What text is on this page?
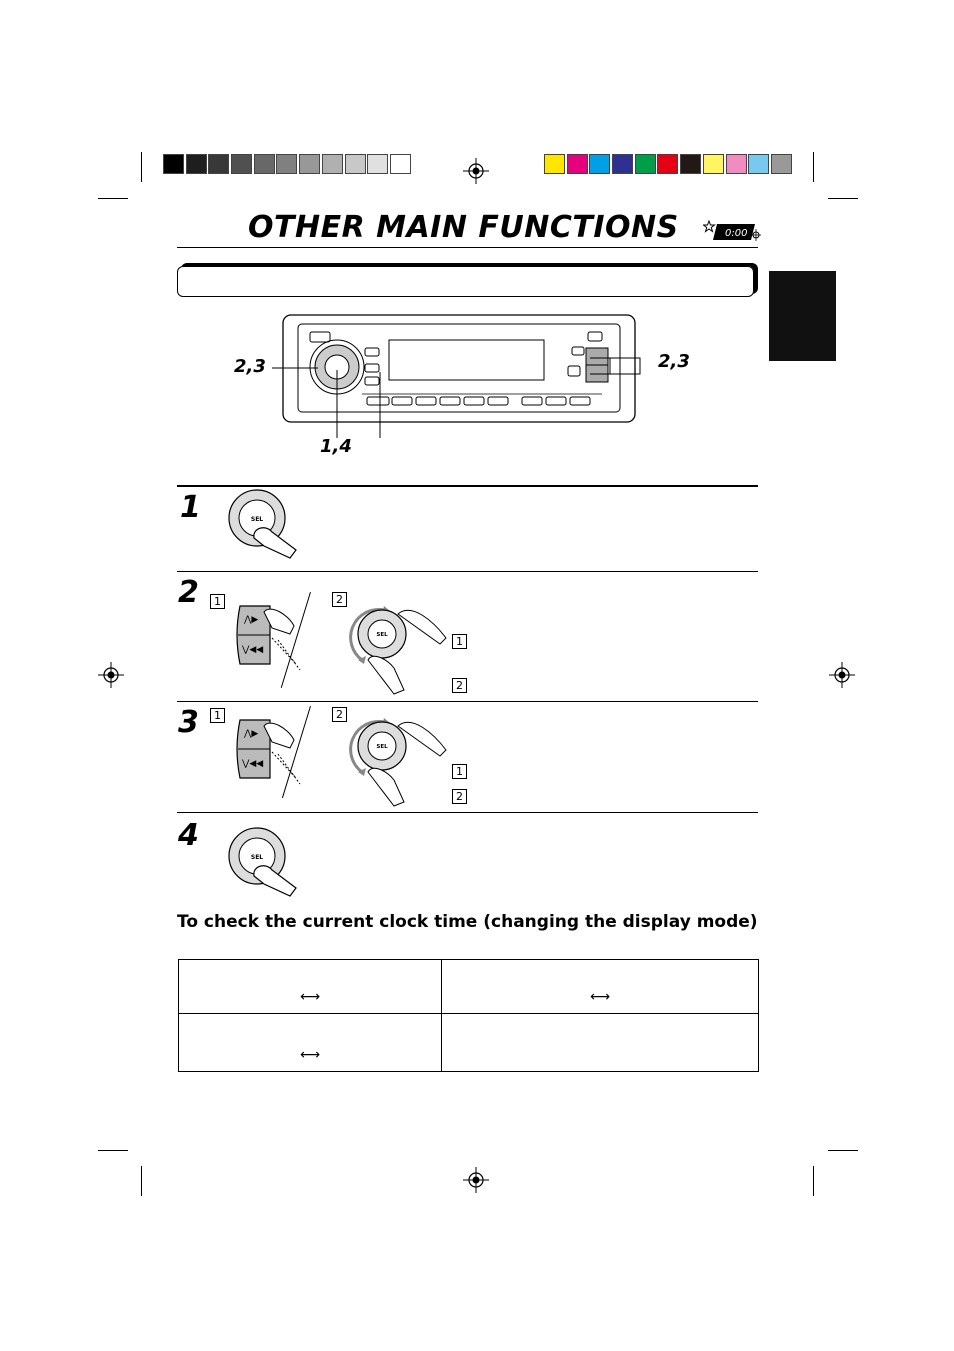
OTHER MAIN FUNCTIONS	0:00
2,3	2,3
1,4
1
2
3
4
SEL
1	2
⋀▶
⋁◀◀
SEL	1
2
1	2
⋀▶
⋁◀◀
SEL
1
2
SEL
To check the current clock time (changing the display mode)
⟷	⟷
⟷	
